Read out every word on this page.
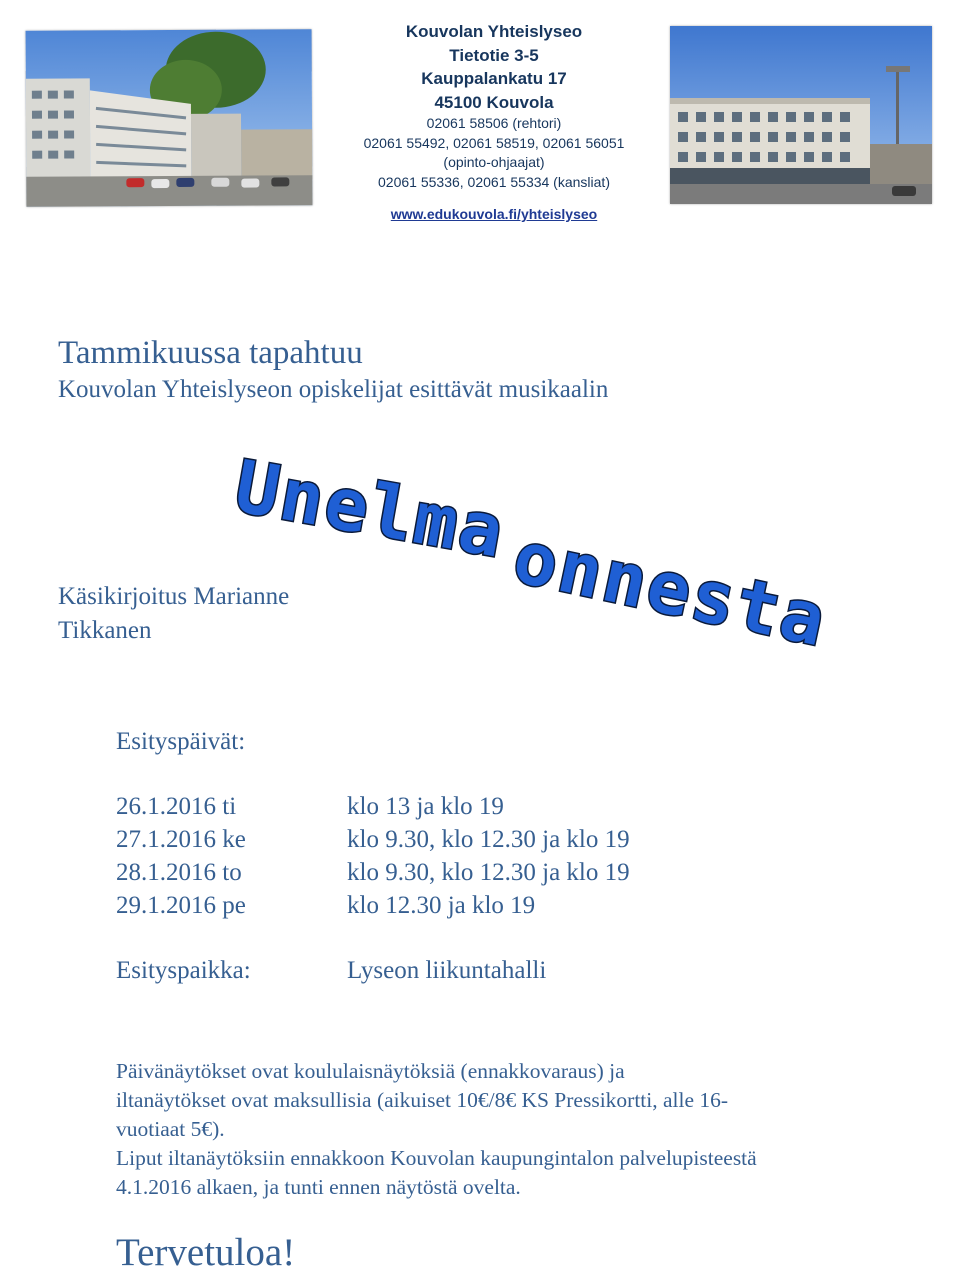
Kouvolan Yhteislyseo
Tietotie 3-5
Kauppalankatu 17
45100 Kouvola
02061 58506 (rehtori)
02061 55492, 02061 58519, 02061 56051
(opinto-ohjaajat)
02061 55336, 02061 55334 (kansliat)
www.edukouvola.fi/yhteislyseo
Tammikuussa tapahtuu
Kouvolan Yhteislyseon opiskelijat esittävät musikaalin
Unelma
onnesta
Käsikirjoitus Marianne
Tikkanen
Esityspäivät:
26.1.2016 ti	klo 13 ja klo 19
27.1.2016 ke	klo 9.30, klo 12.30 ja klo 19
28.1.2016 to	klo 9.30, klo 12.30 ja klo 19
29.1.2016 pe	klo 12.30 ja klo 19
Esityspaikka:	Lyseon liikuntahalli
Päivänäytökset ovat koululaisnäytöksiä (ennakkovaraus) ja
iltanäytökset ovat maksullisia (aikuiset 10€/8€ KS Pressikortti, alle 16-
vuotiaat 5€).
Liput iltanäytöksiin ennakkoon Kouvolan kaupungintalon palvelupisteestä
4.1.2016 alkaen, ja tunti ennen näytöstä ovelta.
Tervetuloa!
